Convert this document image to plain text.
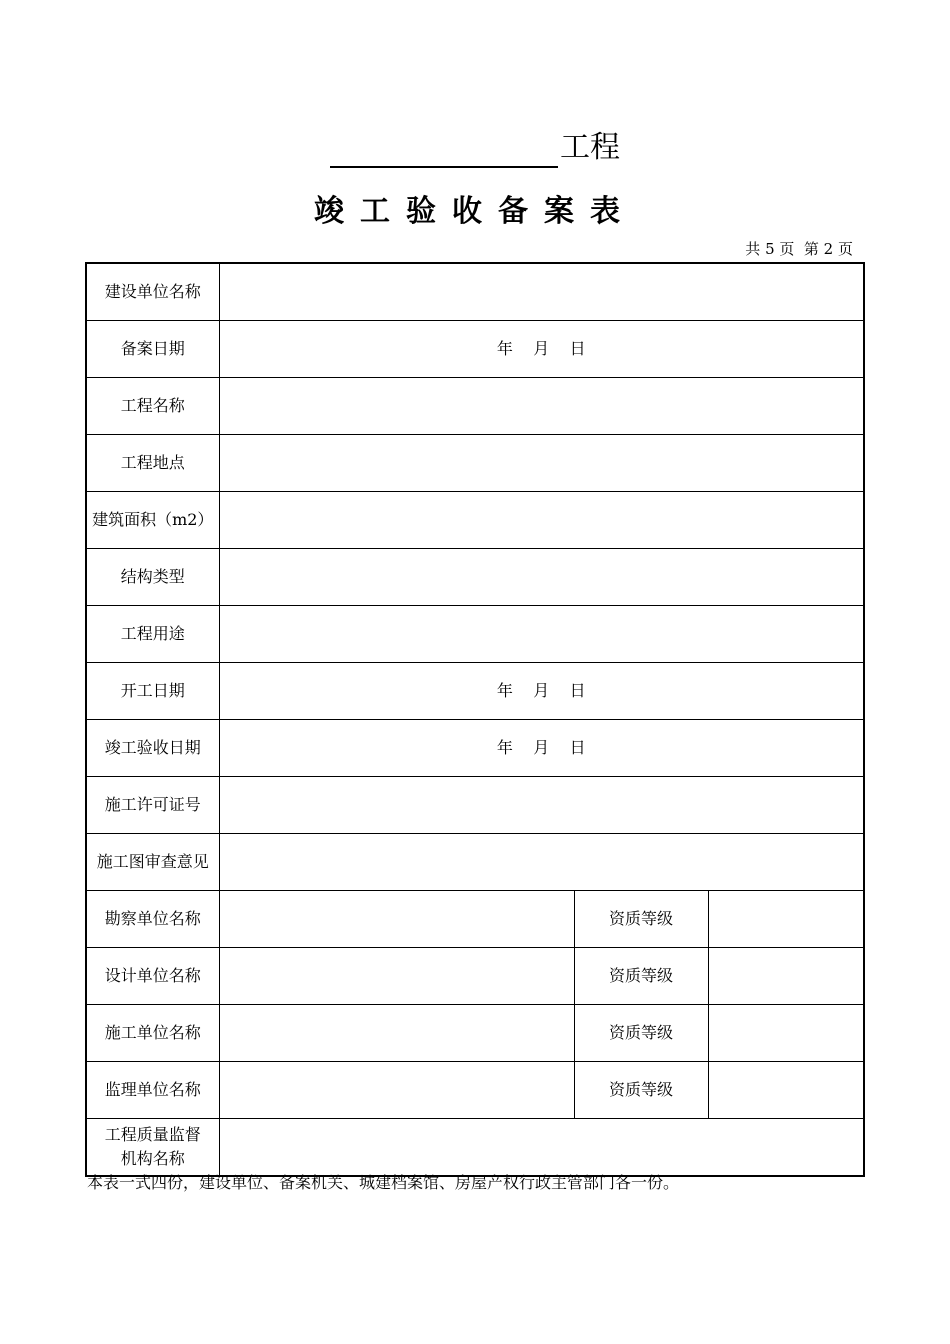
工程
竣工验收备案表
共 5 页  第 2 页
建设单位名称			
备案日期	年    月    日		
工程名称			
工程地点			
建筑面积（m2）			
结构类型			
工程用途			
开工日期	年    月    日		
竣工验收日期	年    月    日		
施工许可证号			
施工图审查意见			
勘察单位名称		资质等级	
设计单位名称		资质等级	
施工单位名称		资质等级	
监理单位名称		资质等级	
工程质量监督
机构名称			
本表一式四份，建设单位、备案机关、城建档案馆、房屋产权行政主管部门各一份。
